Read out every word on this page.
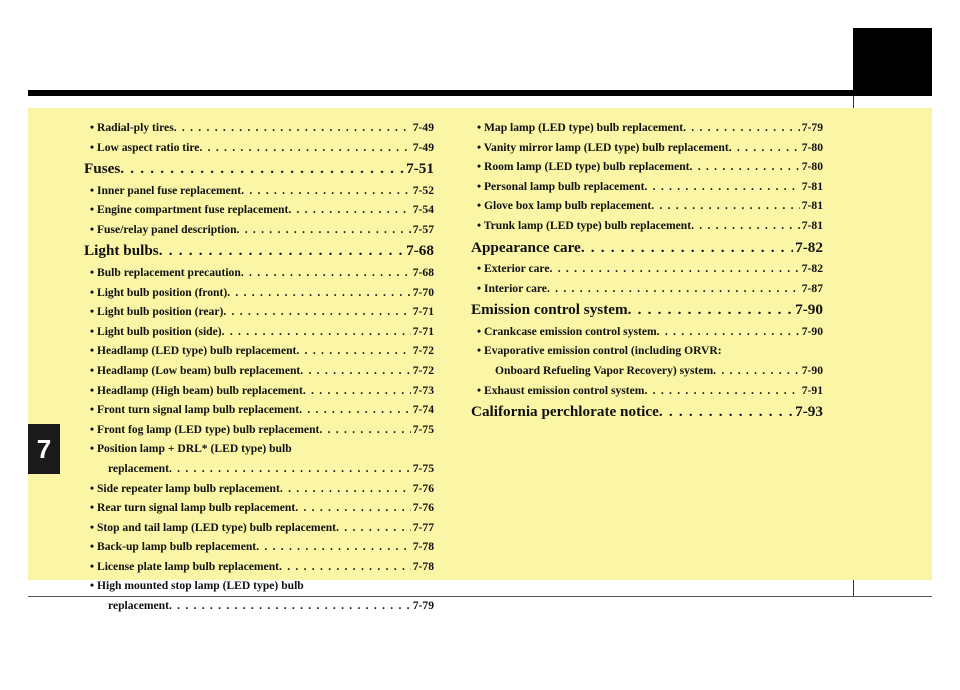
7
• Radial-ply tires . . .	7-49
• Low aspect ratio tire . . .	7-49
Fuses . . .	7-51
• Inner panel fuse replacement . . .	7-52
• Engine compartment fuse replacement . . .	7-54
• Fuse/relay panel description . . .	7-57
Light bulbs . . .	7-68
• Bulb replacement precaution . . .	7-68
• Light bulb position (front) . . .	7-70
• Light bulb position (rear) . . .	7-71
• Light bulb position (side) . . .	7-71
• Headlamp (LED type) bulb replacement . . .	7-72
• Headlamp (Low beam) bulb replacement . . .	7-72
• Headlamp (High beam) bulb replacement . . .	7-73
• Front turn signal lamp bulb replacement . . .	7-74
• Front fog lamp (LED type) bulb replacement . . .	7-75
• Position lamp + DRL* (LED type) bulb
replacement . . .	7-75
• Side repeater lamp bulb replacement . . .	7-76
• Rear turn signal lamp bulb replacement . . .	7-76
• Stop and tail lamp (LED type) bulb replacement . . .	7-77
• Back-up lamp bulb replacement . . .	7-78
• License plate lamp bulb replacement . . .	7-78
• High mounted stop lamp (LED type) bulb
replacement . . .	7-79
• Map lamp (LED type) bulb replacement . . .	7-79
• Vanity mirror lamp (LED type) bulb replacement . . .	7-80
• Room lamp (LED type) bulb replacement . . .	7-80
• Personal lamp bulb replacement . . .	7-81
• Glove box lamp bulb replacement . . .	7-81
• Trunk lamp (LED type) bulb replacement . . .	7-81
Appearance care . . .	7-82
• Exterior care . . .	7-82
• Interior care . . .	7-87
Emission control system . . .	7-90
• Crankcase emission control system . . .	7-90
• Evaporative emission control (including ORVR:
Onboard Refueling Vapor Recovery) system . . .	7-90
• Exhaust emission control system . . .	7-91
California perchlorate notice . . .	7-93
